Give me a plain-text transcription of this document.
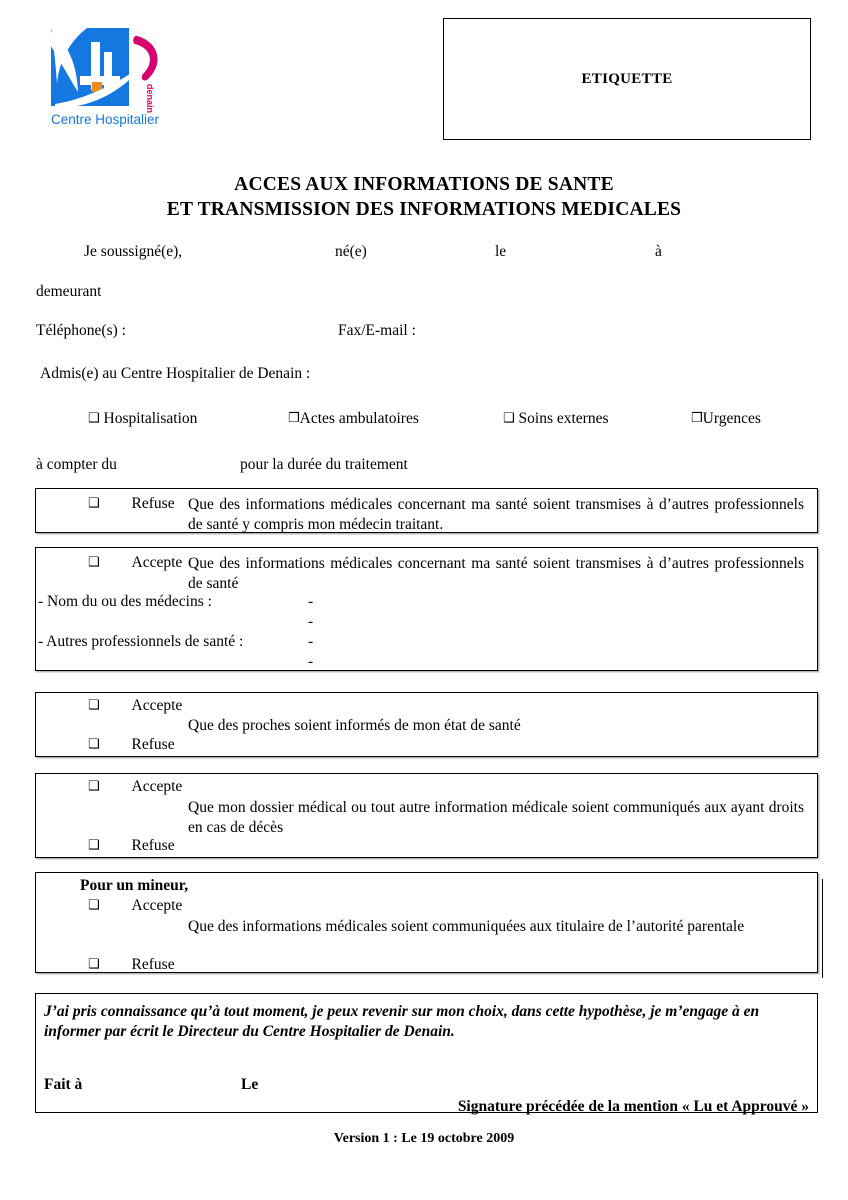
denain
Centre Hospitalier
ETIQUETTE
ACCES AUX INFORMATIONS DE SANTE
ET TRANSMISSION DES INFORMATIONS MEDICALES
Je soussigné(e),	né(e)	le	à
demeurant
Téléphone(s) :	Fax/E-mail :
Admis(e) au Centre Hospitalier de Denain :
❑ Hospitalisation	❒Actes ambulatoires	❑ Soins externes	❒Urgences
à compter du	pour la durée du traitement
❑ Refuse Que des informations médicales concernant ma santé soient transmises à d’autres professionnels de santé y compris mon médecin traitant.
❑ Accepte Que des informations médicales concernant ma santé soient transmises à d’autres professionnels de santé
- Nom du ou des médecins :	-
-
- Autres professionnels de santé :	-
-
❑ Accepte
Que des proches soient informés de mon état de santé
❑ Refuse
❑ Accepte
Que mon dossier médical ou tout autre information médicale soient communiqués aux ayant droits en cas de décès
❑ Refuse
Pour un mineur,
❑ Accepte
Que des informations médicales soient communiquées aux titulaire de l’autorité parentale
❑ Refuse
J’ai pris connaissance qu’à tout moment, je peux revenir sur mon choix, dans cette hypothèse, je m’engage à en informer par écrit le Directeur du Centre Hospitalier de Denain.
Fait à	Le
Signature précédée de la mention « Lu et Approuvé »
Version 1 : Le 19 octobre 2009
